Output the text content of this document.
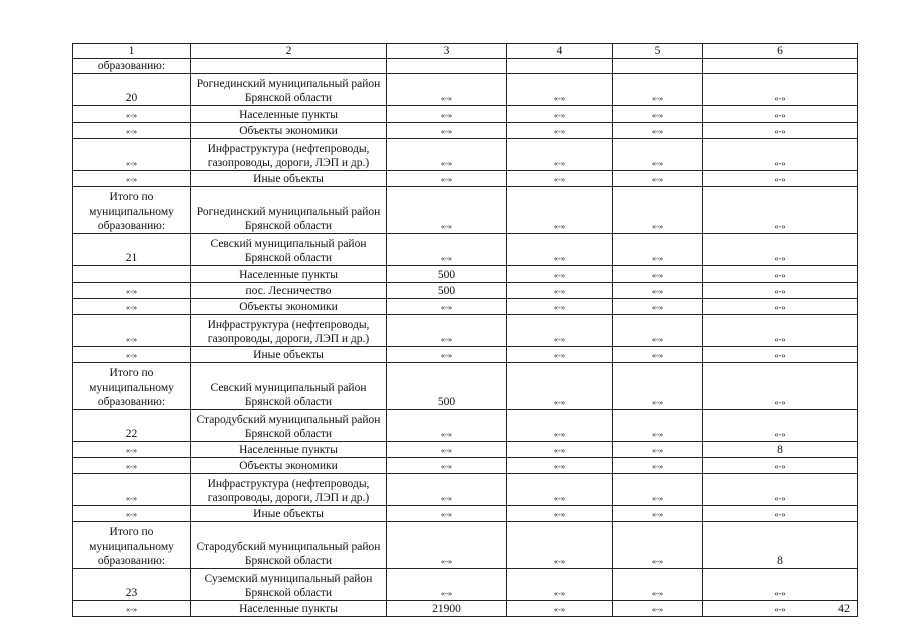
1	2	3	4	5	6
образованию:					
20	Рогнединский муниципальный район Брянской области	«-»	«-»	«-»	«-»
«-»	Населенные пункты	«-»	«-»	«-»	«-»
«-»	Объекты экономики	«-»	«-»	«-»	«-»
«-»	Инфраструктура (нефтепроводы, газопроводы, дороги, ЛЭП и др.)	«-»	«-»	«-»	«-»
«-»	Иные объекты	«-»	«-»	«-»	«-»
Итого по муниципальному образованию:	Рогнединский муниципальный район Брянской области	«-»	«-»	«-»	«-»
21	Севский муниципальный район Брянской области	«-»	«-»	«-»	«-»
	Населенные пункты	500	«-»	«-»	«-»
«-»	пос. Лесничество	500	«-»	«-»	«-»
«-»	Объекты экономики	«-»	«-»	«-»	«-»
«-»	Инфраструктура (нефтепроводы, газопроводы, дороги, ЛЭП и др.)	«-»	«-»	«-»	«-»
«-»	Иные объекты	«-»	«-»	«-»	«-»
Итого по муниципальному образованию:	Севский муниципальный район Брянской области	500	«-»	«-»	«-»
22	Стародубский муниципальный район Брянской области	«-»	«-»	«-»	«-»
«-»	Населенные пункты	«-»	«-»	«-»	8
«-»	Объекты экономики	«-»	«-»	«-»	«-»
«-»	Инфраструктура (нефтепроводы, газопроводы, дороги, ЛЭП и др.)	«-»	«-»	«-»	«-»
«-»	Иные объекты	«-»	«-»	«-»	«-»
Итого по муниципальному образованию:	Стародубский муниципальный район Брянской области	«-»	«-»	«-»	8
23	Суземский муниципальный район Брянской области	«-»	«-»	«-»	«-»
«-»	Населенные пункты	21900	«-»	«-»	«-»	42
